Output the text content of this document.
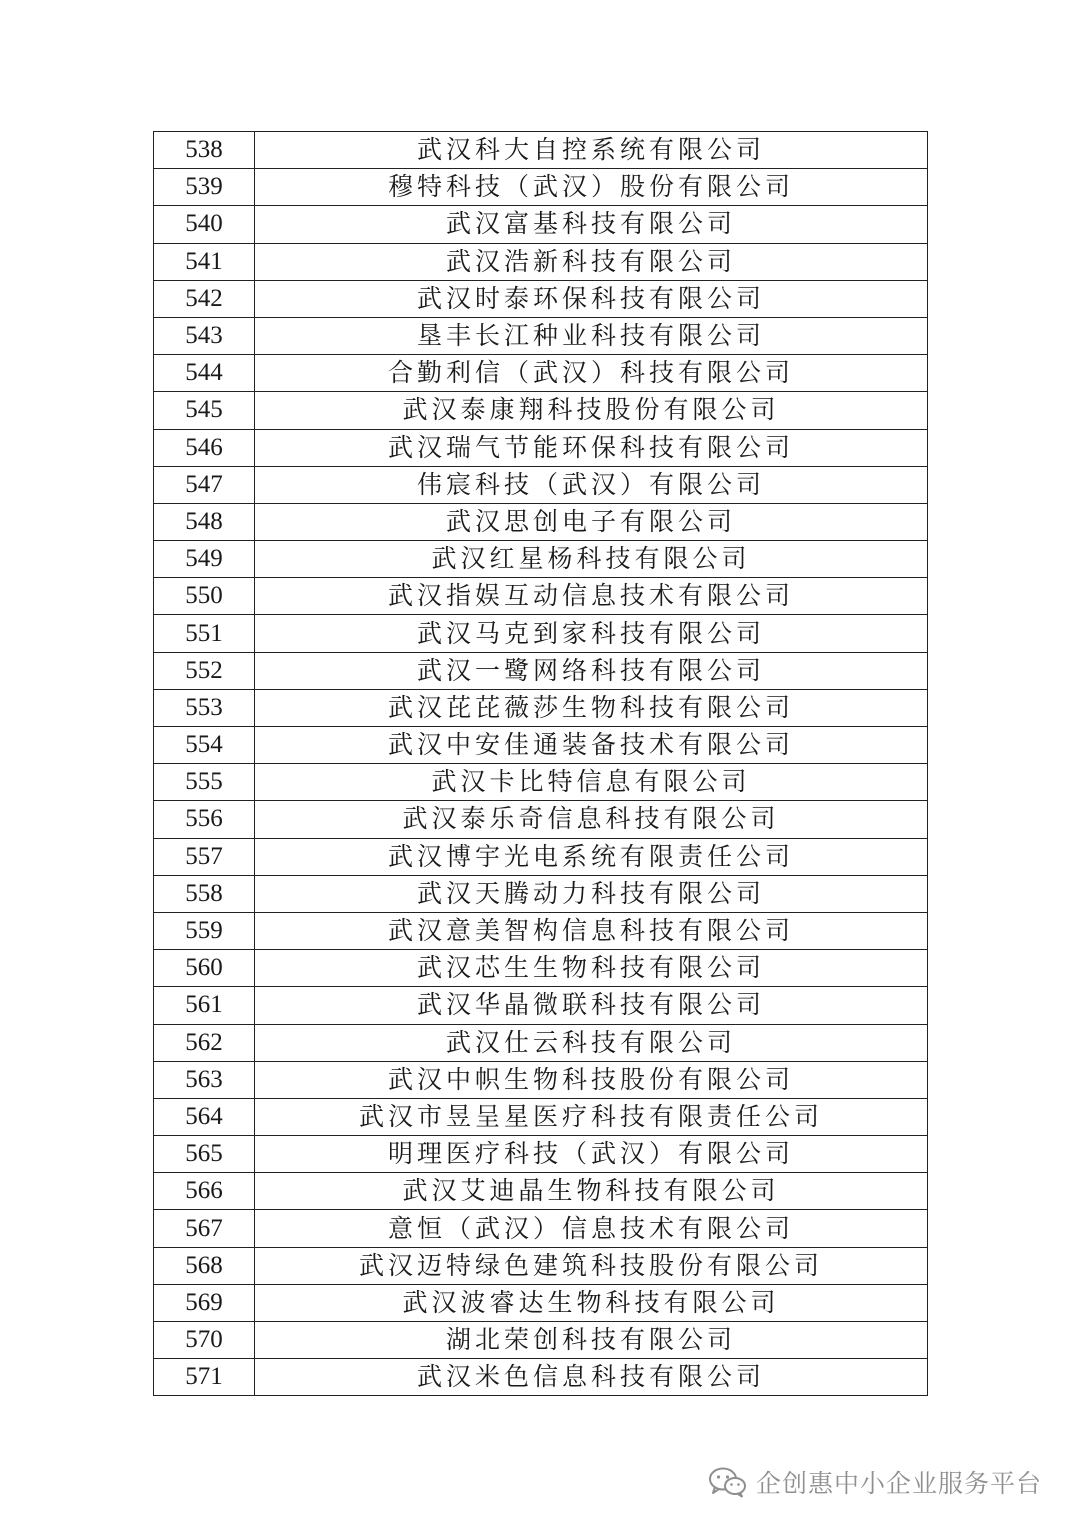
538	武汉科大自控系统有限公司
539	穆特科技（武汉）股份有限公司
540	武汉富基科技有限公司
541	武汉浩新科技有限公司
542	武汉时泰环保科技有限公司
543	垦丰长江种业科技有限公司
544	合勤利信（武汉）科技有限公司
545	武汉泰康翔科技股份有限公司
546	武汉瑞气节能环保科技有限公司
547	伟宸科技（武汉）有限公司
548	武汉思创电子有限公司
549	武汉红星杨科技有限公司
550	武汉指娱互动信息技术有限公司
551	武汉马克到家科技有限公司
552	武汉一鹭网络科技有限公司
553	武汉芘芘薇莎生物科技有限公司
554	武汉中安佳通装备技术有限公司
555	武汉卡比特信息有限公司
556	武汉泰乐奇信息科技有限公司
557	武汉博宇光电系统有限责任公司
558	武汉天腾动力科技有限公司
559	武汉意美智构信息科技有限公司
560	武汉芯生生物科技有限公司
561	武汉华晶微联科技有限公司
562	武汉仕云科技有限公司
563	武汉中帜生物科技股份有限公司
564	武汉市昱呈星医疗科技有限责任公司
565	明理医疗科技（武汉）有限公司
566	武汉艾迪晶生物科技有限公司
567	意恒（武汉）信息技术有限公司
568	武汉迈特绿色建筑科技股份有限公司
569	武汉波睿达生物科技有限公司
570	湖北荣创科技有限公司
571	武汉米色信息科技有限公司
企创惠中小企业服务平台
